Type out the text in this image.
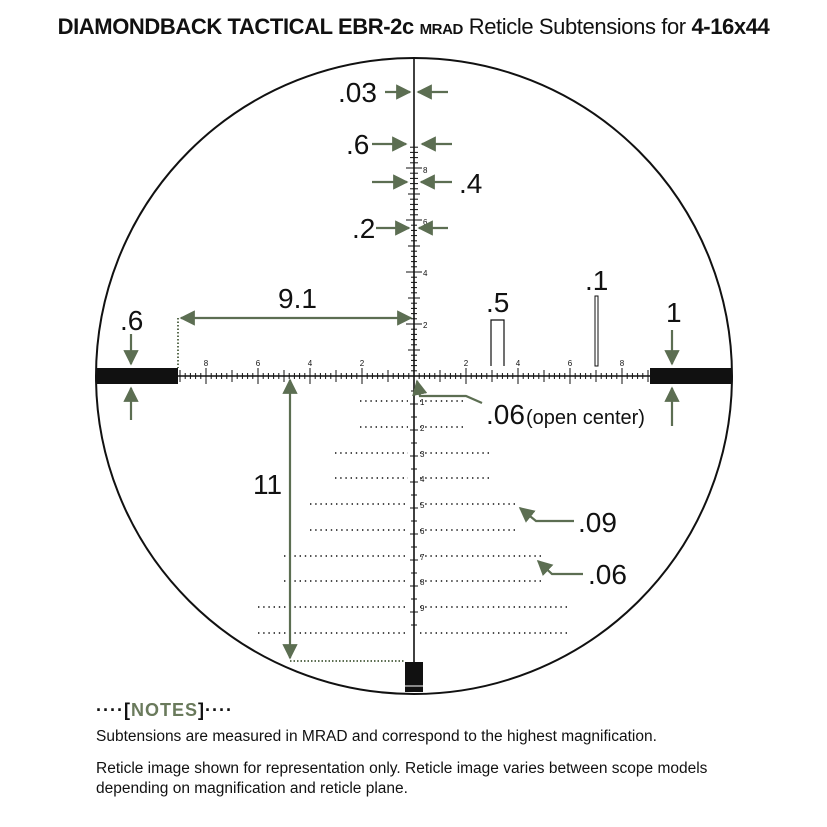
DIAMONDBACK TACTICAL EBR-2c MRAD Reticle Subtensions for 4-16x44
8	6	4	2	2	4	6	8
8
6
4
2
1
2
3
4
5
6
7
8
9
.03
.6
.4
.2
9.1
.6
.5
.1
1
.06 (open center)
11
.09
.06
····[NOTES]····

Subtensions are measured in MRAD and correspond to the highest magnification.

Reticle image shown for representation only. Reticle image varies between scope models depending on magnification and reticle plane.
